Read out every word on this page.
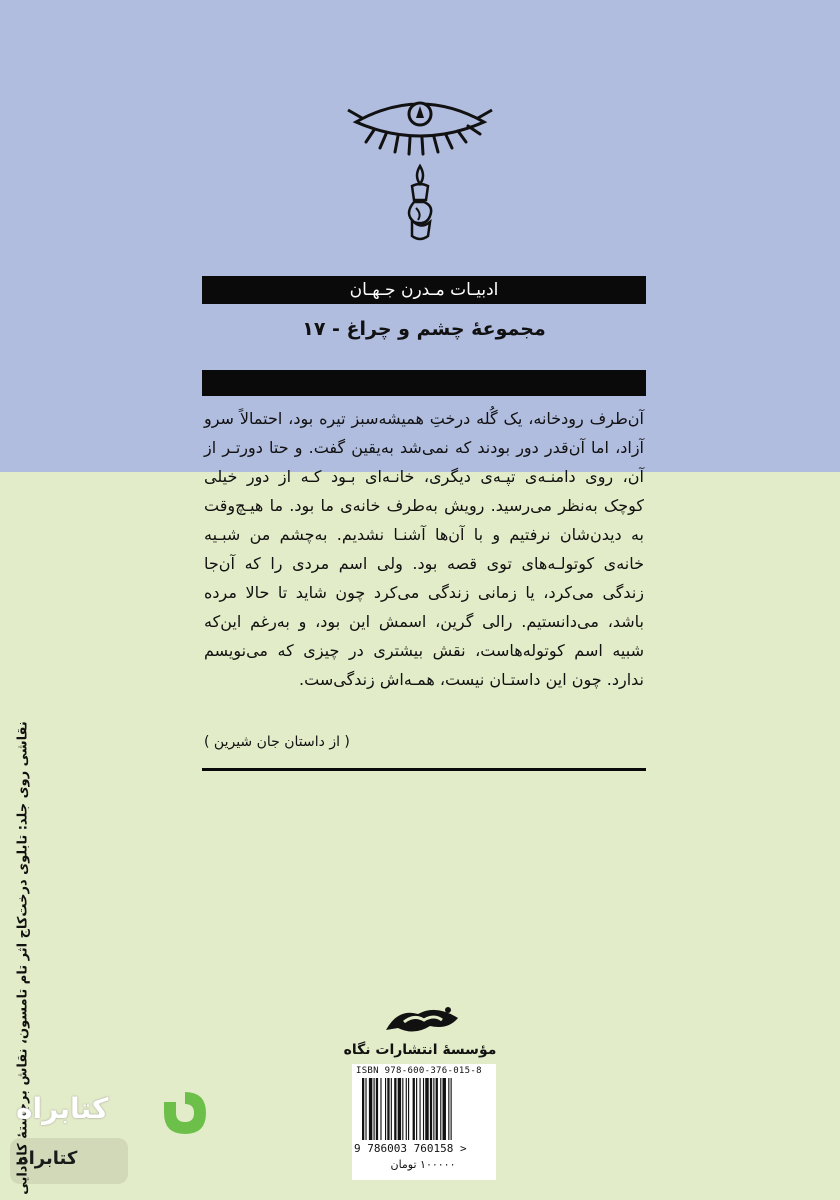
ادبیـات مـدرن جـهـان
مجموعهٔ چشم و چراغ - ۱۷
آن‌طرف رودخانه، یک گُله درختِ همیشه‌سبز تیره بود، احتمالاً سرو آزاد، اما آن‌قدر دور بودند که نمی‌شد به‌یقین گفت. و حتا دورتـر از آن، روی دامنـه‌ی تپـه‌ی دیگری، خانـه‌ای بـود کـه از دور خیلی کوچک به‌نظر می‌رسید. رویش به‌طرف خانه‌ی ما بود. ما هیـچ‌وقت به دیدن‌شان نرفتیم و با آن‌ها آشنـا نشدیم. به‌چشم من شبـیه خانه‌ی کوتولـه‌های توی قصه بود. ولی اسم مردی را که آن‌جا زندگی می‌کرد، یا زمانی زندگی می‌کرد چون شاید تا حالا مرده باشد، می‌دانستیم. رالی گرین، اسمش این بود، و به‌رغم این‌که شبیه اسم کوتوله‌هاست، نقش بیشتری در چیزی که می‌نویسم ندارد. چون این داستـان نیست، همـه‌اش زندگی‌ست.
( از داستان جان شیرین )
نقاشی روی جلد: تابلوی درخت‌کاج اثر تام تامسون، نقاش برجستهٔ کانادایی	مؤسسهٔ انتشارات نگاه
ISBN 978-600-376-015-8
9 786003 760158 >
۱۰۰۰۰۰ تومان
کتابراه
کتابراه
